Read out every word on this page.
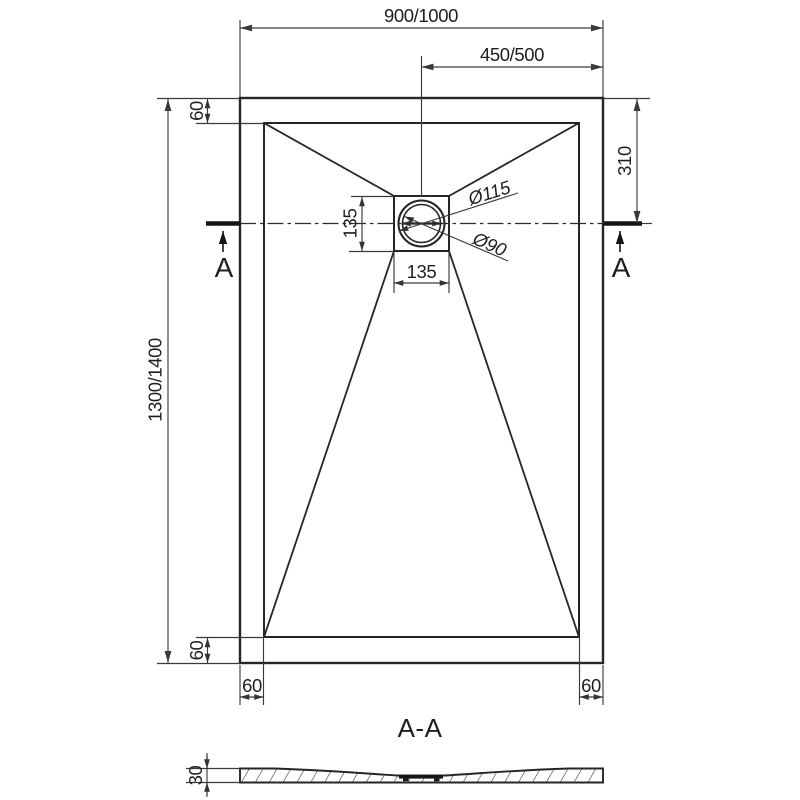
A	A
900/1000
450/500
60
1300/1400
310
60
60	60
135
135
Ø115
Ø90
A-A
30
